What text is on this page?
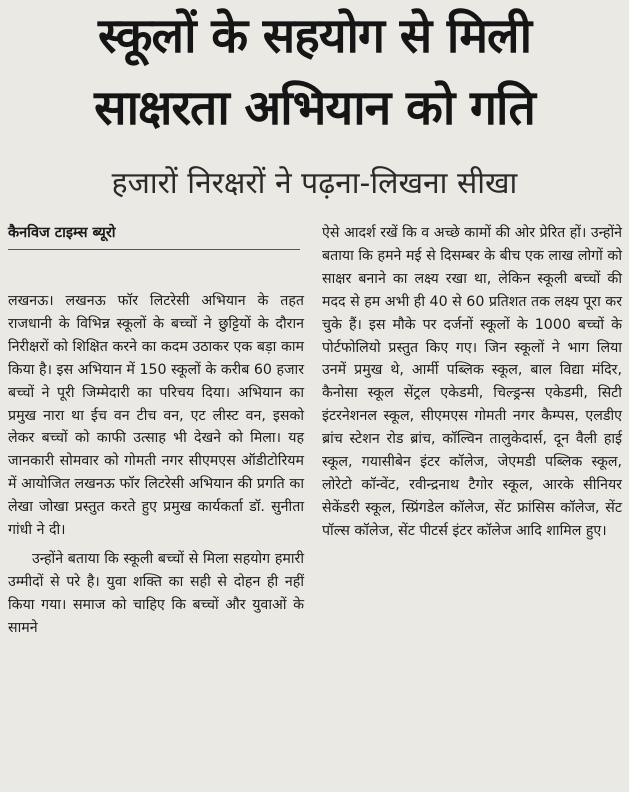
स्कूलों के सहयोग से मिली
साक्षरता अभियान को गति
हजारों निरक्षरों ने पढ़ना-लिखना सीखा
कैनविज टाइम्स ब्यूरो

लखनऊ। लखनऊ फॉर लिटरेसी अभियान के तहत राजधानी के विभिन्न स्कूलों के बच्चों ने छुट्टियों के दौरान निरीक्षरों को शिक्षित करने का कदम उठाकर एक बड़ा काम किया है। इस अभियान में 150 स्कूलों के करीब 60 हजार बच्चों ने पूरी जिम्मेदारी का परिचय दिया। अभियान का प्रमुख नारा था ईच वन टीच वन, एट लीस्ट वन, इसको लेकर बच्चों को काफी उत्साह भी देखने को मिला। यह जानकारी सोमवार को गोमती नगर सीएमएस ऑडीटोरियम में आयोजित लखनऊ फॉर लिटरेसी अभियान की प्रगति का लेखा जोखा प्रस्तुत करते हुए प्रमुख कार्यकर्ता डॉ. सुनीता गांधी ने दी।

उन्होंने बताया कि स्कूली बच्चों से मिला सहयोग हमारी उम्मीदों से परे है। युवा शक्ति का सही से दोहन ही नहीं किया गया। समाज को चाहिए कि बच्चों और युवाओं के सामने

ऐसे आदर्श रखें कि व अच्छे कामों की ओर प्रेरित हों। उन्होंने बताया कि हमने मई से दिसम्बर के बीच एक लाख लोगों को साक्षर बनाने का लक्ष्य रखा था, लेकिन स्कूली बच्चों की मदद से हम अभी ही 40 से 60 प्रतिशत तक लक्ष्य पूरा कर चुके हैं। इस मौके पर दर्जनों स्कूलों के 1000 बच्चों के पोर्टफोलियो प्रस्तुत किए गए। जिन स्कूलों ने भाग लिया उनमें प्रमुख थे, आर्मी पब्लिक स्कूल, बाल विद्या मंदिर, कैनोसा स्कूल सेंट्रल एकेडमी, चिल्ड्रन्स एकेडमी, सिटी इंटरनेशनल स्कूल, सीएमएस गोमती नगर कैम्पस, एलडीए ब्रांच स्टेशन रोड ब्रांच, कॉल्विन तालुकेदार्स, दून वैली हाई स्कूल, गयासीबेन इंटर कॉलेज, जेएमडी पब्लिक स्कूल, लोरेटो कॉन्वेंट, रवीन्द्रनाथ टैगोर स्कूल, आरके सीनियर सेकेंडरी स्कूल, स्प्रिंगडेल कॉलेज, सेंट फ्रांसिस कॉलेज, सेंट पॉल्स कॉलेज, सेंट पीटर्स इंटर कॉलेज आदि शामिल हुए।
